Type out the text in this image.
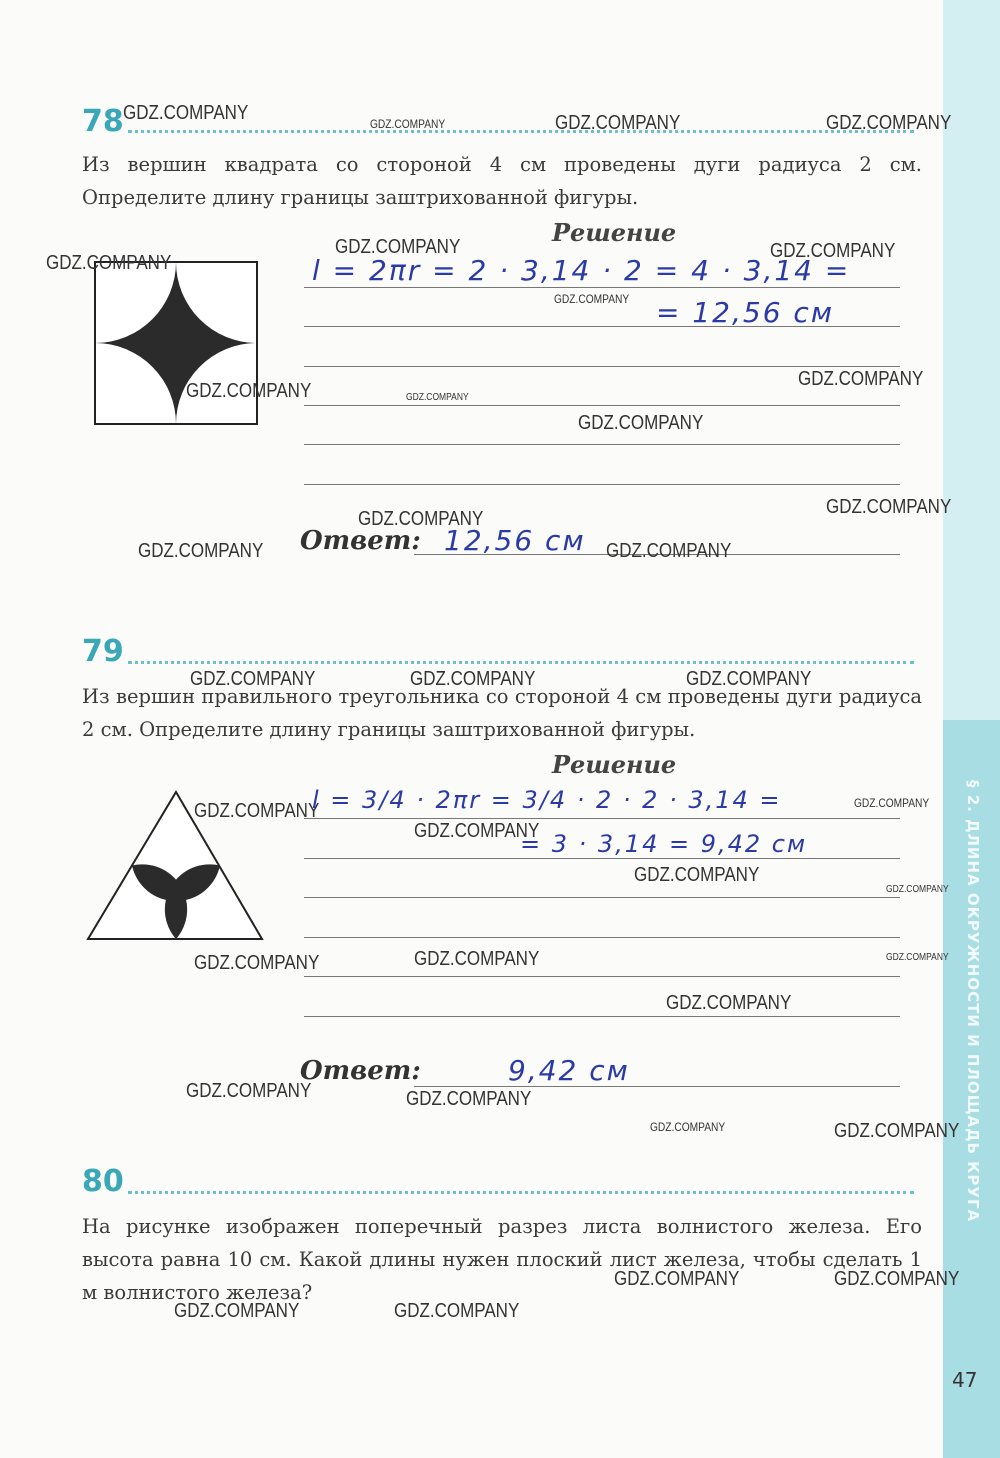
§ 2. ДЛИНА ОКРУЖНОСТИ И ПЛОЩАДЬ КРУГА
78
Из вершин квадрата со стороной 4 см проведены дуги радиуса 2 см. Определите длину границы заштрихованной фигуры.
Решение
l = 2πr = 2 · 3,14 · 2 = 4 · 3,14 =
= 12,56 см
Ответ: 12,56 см
79
Из вершин правильного треугольника со стороной 4 см проведены дуги радиуса 2 см. Определите длину границы заштрихованной фигуры.
Решение
l = 3/4 · 2πr = 3/4 · 2 · 2 · 3,14 =
= 3 · 3,14 = 9,42 см
Ответ:	9,42 см
80
На рисунке изображен поперечный разрез листа волнистого железа. Его высота равна 10 см. Какой длины нужен плоский лист железа, чтобы сделать 1 м волнистого железа?
47
GDZ.COMPANY	GDZ.COMPANY	GDZ.COMPANY	GDZ.COMPANY
GDZ.COMPANY	GDZ.COMPANY
GDZ.COMPANY
GDZ.COMPANY
GDZ.COMPANY
GDZ.COMPANY	GDZ.COMPANY
GDZ.COMPANY
GDZ.COMPANY
GDZ.COMPANY
GDZ.COMPANY	GDZ.COMPANY
GDZ.COMPANY	GDZ.COMPANY	GDZ.COMPANY
GDZ.COMPANY	GDZ.COMPANY
GDZ.COMPANY
GDZ.COMPANY
GDZ.COMPANY
GDZ.COMPANY
GDZ.COMPANY	GDZ.COMPANY
GDZ.COMPANY
GDZ.COMPANY	GDZ.COMPANY
GDZ.COMPANY	GDZ.COMPANY
GDZ.COMPANY	GDZ.COMPANY
GDZ.COMPANY	GDZ.COMPANY
